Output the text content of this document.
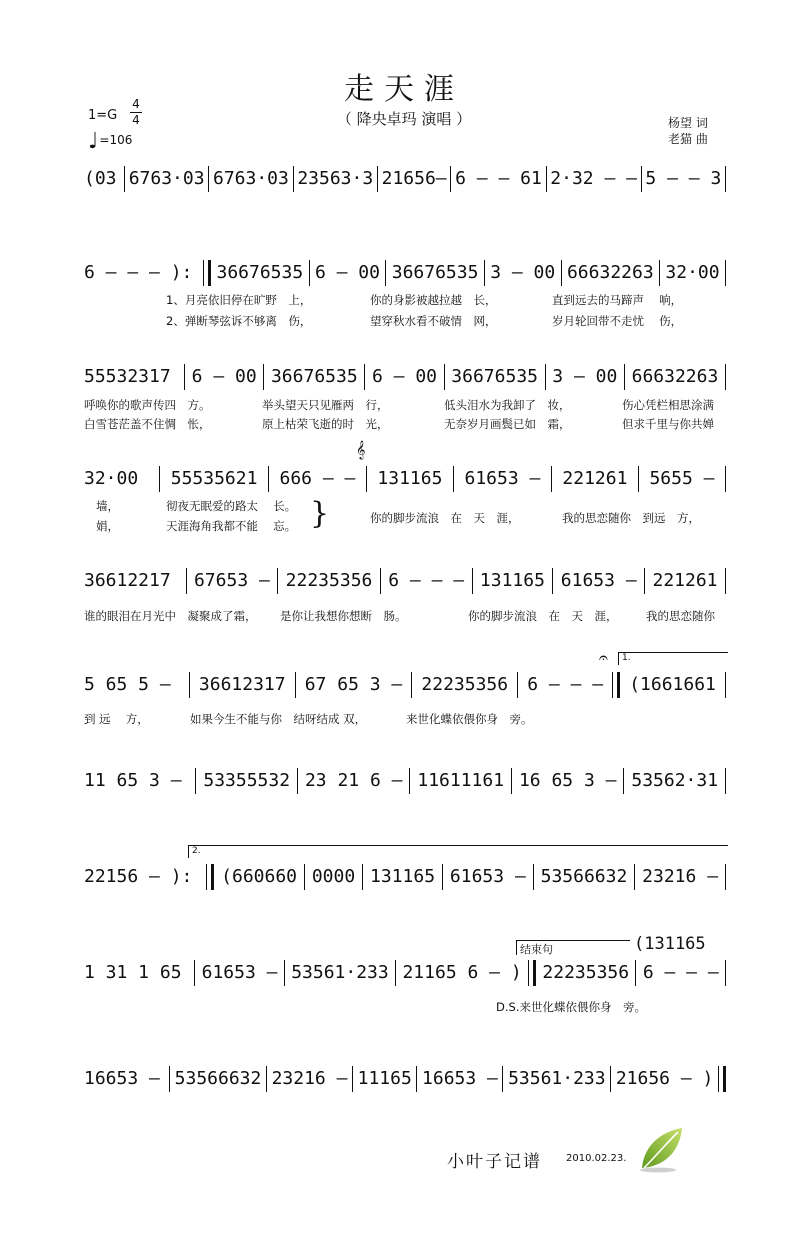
走天涯
（ 降央卓玛 演唱 ）
1=G
4
4
♩=106
杨望 词
老猫 曲
(03 6763·03 6763·03 23563·3 21656– 6 – – 61 2·32 – – 5 – – 3
6 – – – ):	36676535 6 – 00 36676535 3 – 00 66632263 32·00
1、月亮依旧停在旷野　上，	你的身影被越拉越　长，	直到远去的马蹄声　 响，
2、弹断琴弦诉不够离　伤，	望穿秋水看不破情　网，	岁月轮回带不走忧　 伤，
55532317	6 – 00 36676535 6 – 00 36676535 3 – 00 66632263
呼唤你的歌声传四　方。	举头望天只见雁两　行，	低头泪水为我卸了　妆，	伤心凭栏相思涂满
白雪苍茫盖不住惆　怅，	原上枯荣飞逝的时　光，	无奈岁月画鬓已如　霜，	但求千里与你共婵
𝄞
32·00	55535621	666 – –	131165	61653 –	221261	5655 –
墙，	彻夜无眠爱的路太　 长。
娟，	天涯海角我都不能　 忘。 }	你的脚步流浪　在　天　涯，	我的思恋随你　到远　方，
36612217	67653 – 22235356 6 – – – 131165 61653 – 221261
谁的眼泪在月光中　凝聚成了霜， 是你让我想你想断　肠。	你的脚步流浪　在　天　涯， 我的思恋随你
𝄐	1.
5 65 5 –	36612317	67 65 3 –	22235356	6 – – –	(1661661
到 远　 方，	如果今生不能与你　结呀结成 双，	来世化蝶依偎你身　旁。
11 65 3 –	53355532 23 21 6 – 11611161 16 65 3 – 53562·31
2.
22156 – ):	(660660 0000 131165 61653 – 53566632 23216 –
结束句	(131165
1 31 1 65	61653 – 53561·233 21165 6 – )	22235356 6 – – –
D.S.来世化蝶依偎你身　旁。
16653 – 53566632 23216 – 11165 16653 – 53561·233 21656 – )
小叶子记谱 2010.02.23.
